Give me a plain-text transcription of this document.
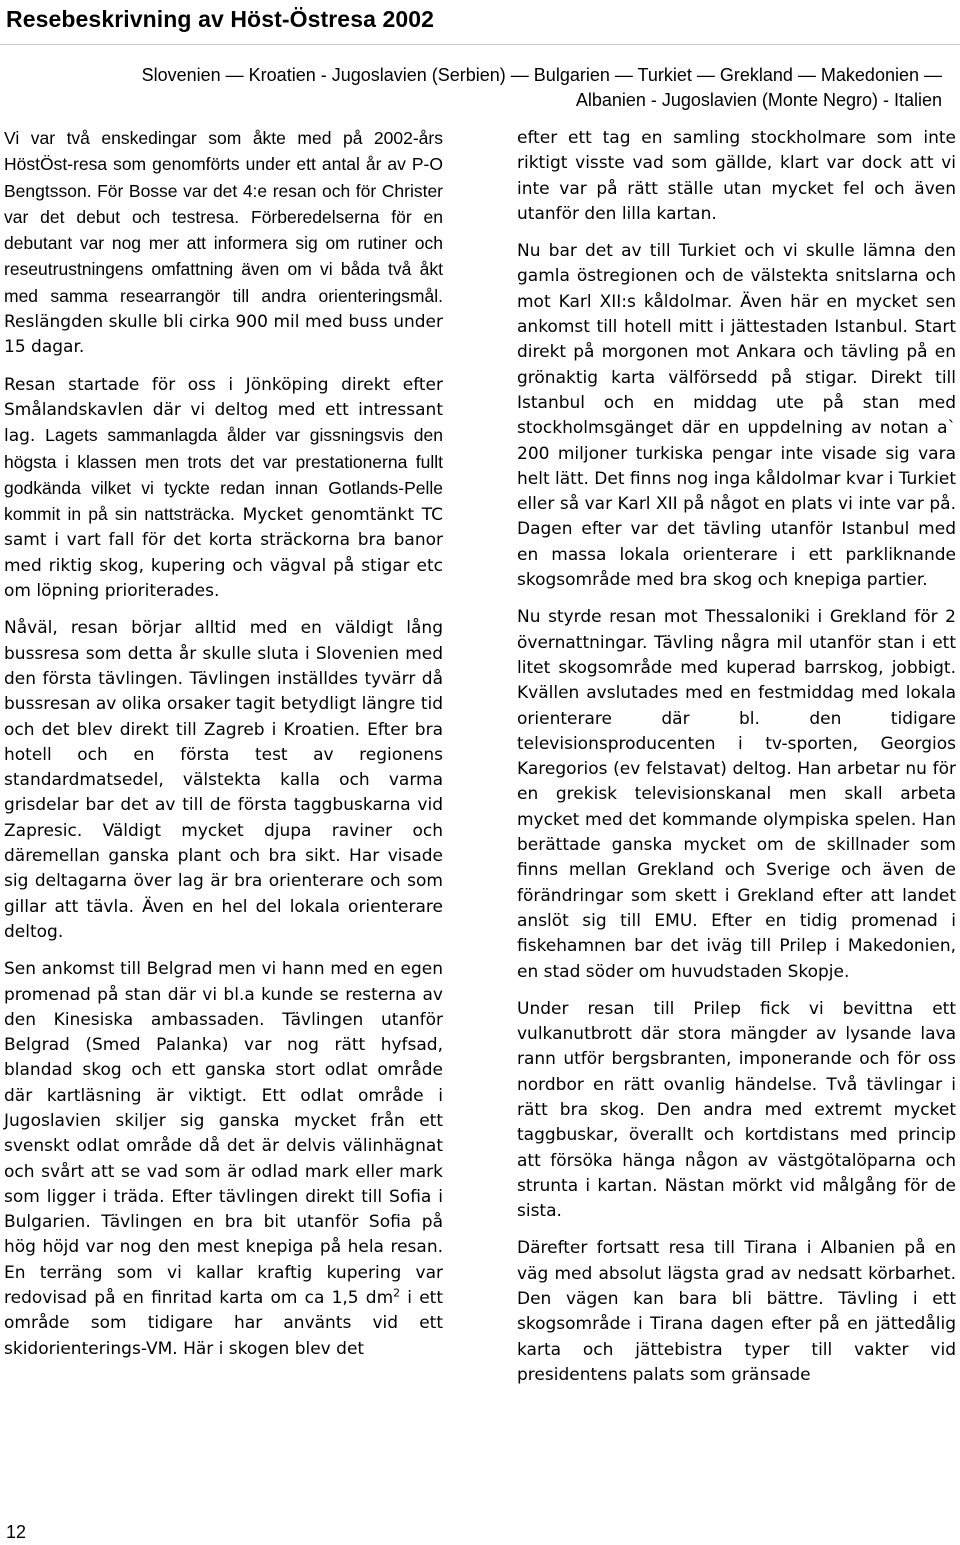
Resebeskrivning av Höst-Östresa 2002
Slovenien — Kroatien - Jugoslavien (Serbien) — Bulgarien — Turkiet — Grekland — Makedonien —
Albanien - Jugoslavien (Monte Negro) - Italien

Vi var två enskedingar som åkte med på 2002-års HöstÖst-resa som genomförts under ett antal år av P-O Bengtsson. För Bosse var det 4:e resan och för Christer var det debut och testresa. Förberedelserna för en debutant var nog mer att informera sig om rutiner och reseutrustningens omfattning även om vi båda två åkt med samma researrangör till andra orienteringsmål. Reslängden skulle bli cirka 900 mil med buss under 15 dagar.

Resan startade för oss i Jönköping direkt efter Smålandskavlen där vi deltog med ett intressant lag. Lagets sammanlagda ålder var gissningsvis den högsta i klassen men trots det var prestationerna fullt godkända vilket vi tyckte redan innan Gotlands-Pelle kommit in på sin nattsträcka. Mycket genomtänkt TC samt i vart fall för det korta sträckorna bra banor med riktig skog, kupering och vägval på stigar etc om löpning prioriterades.

Nåväl, resan börjar alltid med en väldigt lång bussresa som detta år skulle sluta i Slovenien med den första tävlingen. Tävlingen inställdes tyvärr då bussresan av olika orsaker tagit betydligt längre tid och det blev direkt till Zagreb i Kroatien. Efter bra hotell och en första test av regionens standardmatsedel, välstekta kalla och varma grisdelar bar det av till de första taggbuskarna vid Zapresic. Väldigt mycket djupa raviner och däremellan ganska plant och bra sikt. Har visade sig deltagarna över lag är bra orienterare och som gillar att tävla. Även en hel del lokala orienterare deltog.

Sen ankomst till Belgrad men vi hann med en egen promenad på stan där vi bl.a kunde se resterna av den Kinesiska ambassaden. Tävlingen utanför Belgrad (Smed Palanka) var nog rätt hyfsad, blandad skog och ett ganska stort odlat område där kartläsning är viktigt. Ett odlat område i Jugoslavien skiljer sig ganska mycket från ett svenskt odlat område då det är delvis välinhägnat och svårt att se vad som är odlad mark eller mark som ligger i träda. Efter tävlingen direkt till Sofia i Bulgarien. Tävlingen en bra bit utanför Sofia på hög höjd var nog den mest knepiga på hela resan. En terräng som vi kallar kraftig kupering var redovisad på en finritad karta om ca 1,5 $dm^2$ i ett område som tidigare har använts vid ett skidorienterings-VM. Här i skogen blev det

efter ett tag en samling stockholmare som inte riktigt visste vad som gällde, klart var dock att vi inte var på rätt ställe utan mycket fel och även utanför den lilla kartan.

Nu bar det av till Turkiet och vi skulle lämna den gamla östregionen och de välstekta snitslarna och mot Karl XII:s kåldolmar. Även här en mycket sen ankomst till hotell mitt i jättestaden Istanbul. Start direkt på morgonen mot Ankara och tävling på en grönaktig karta välförsedd på stigar. Direkt till Istanbul och en middag ute på stan med stockholmsgänget där en uppdelning av notan a` 200 miljoner turkiska pengar inte visade sig vara helt lätt. Det finns nog inga kåldolmar kvar i Turkiet eller så var Karl XII på något en plats vi inte var på. Dagen efter var det tävling utanför Istanbul med en massa lokala orienterare i ett parkliknande skogsområde med bra skog och knepiga partier.

Nu styrde resan mot Thessaloniki i Grekland för 2 övernattningar. Tävling några mil utanför stan i ett litet skogsområde med kuperad barrskog, jobbigt. Kvällen avslutades med en festmiddag med lokala orienterare där bl. den tidigare televisionsproducenten i tv-sporten, Georgios Karegorios (ev felstavat) deltog. Han arbetar nu för en grekisk televisionskanal men skall arbeta mycket med det kommande olympiska spelen. Han berättade ganska mycket om de skillnader som finns mellan Grekland och Sverige och även de förändringar som skett i Grekland efter att landet anslöt sig till EMU. Efter en tidig promenad i fiskehamnen bar det iväg till Prilep i Makedonien, en stad söder om huvudstaden Skopje.

Under resan till Prilep fick vi bevittna ett vulkanutbrott där stora mängder av lysande lava rann utför bergsbranten, imponerande och för oss nordbor en rätt ovanlig händelse. Två tävlingar i rätt bra skog. Den andra med extremt mycket taggbuskar, överallt och kortdistans med princip att försöka hänga någon av västgötalöparna och strunta i kartan. Nästan mörkt vid målgång för de sista.

Därefter fortsatt resa till Tirana i Albanien på en väg med absolut lägsta grad av nedsatt körbarhet. Den vägen kan bara bli bättre. Tävling i ett skogsområde i Tirana dagen efter på en jättedålig karta och jättebistra typer till vakter vid presidentens palats som gränsade

12
